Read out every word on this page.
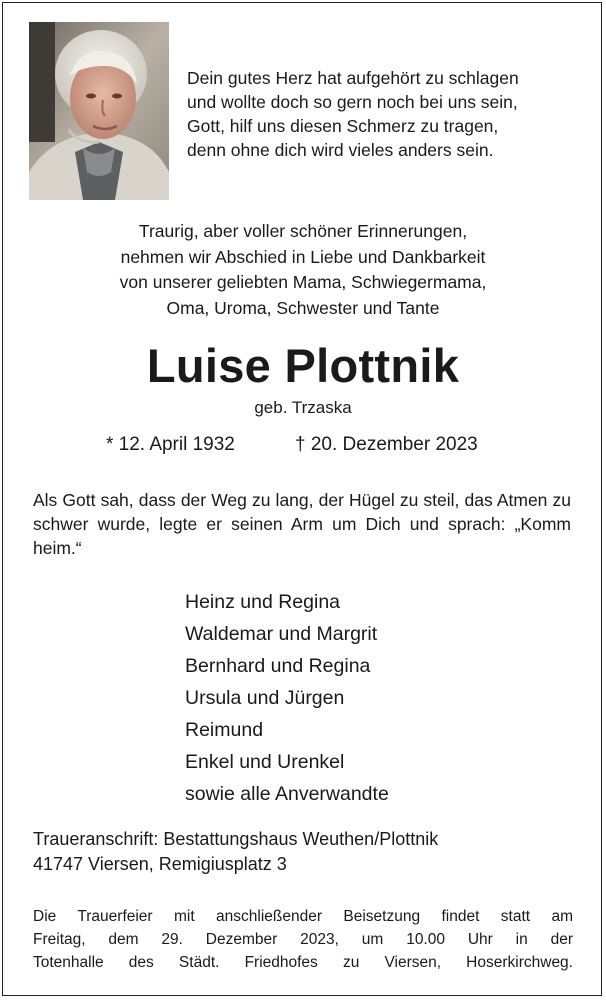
Dein gutes Herz hat aufgehört zu schlagen
und wollte doch so gern noch bei uns sein,
Gott, hilf uns diesen Schmerz zu tragen,
denn ohne dich wird vieles anders sein.
Traurig, aber voller schöner Erinnerungen,
nehmen wir Abschied in Liebe und Dankbarkeit
von unserer geliebten Mama, Schwiegermama,
Oma, Uroma, Schwester und Tante
Luise Plottnik
geb. Trzaska
* 12. April 1932	† 20. Dezember 2023
Als Gott sah, dass der Weg zu lang, der Hügel zu steil, das Atmen zu schwer wurde, legte er seinen Arm um Dich und sprach: „Komm heim.“
Heinz und Regina
Waldemar und Margrit
Bernhard und Regina
Ursula und Jürgen
Reimund
Enkel und Urenkel
sowie alle Anverwandte
Traueranschrift: Bestattungshaus Weuthen/Plottnik
41747 Viersen, Remigiusplatz 3
Die Trauerfeier mit anschließender Beisetzung findet statt am
Freitag, dem 29. Dezember 2023, um 10.00 Uhr in der
Totenhalle des Städt. Friedhofes zu Viersen, Hoserkirchweg.
